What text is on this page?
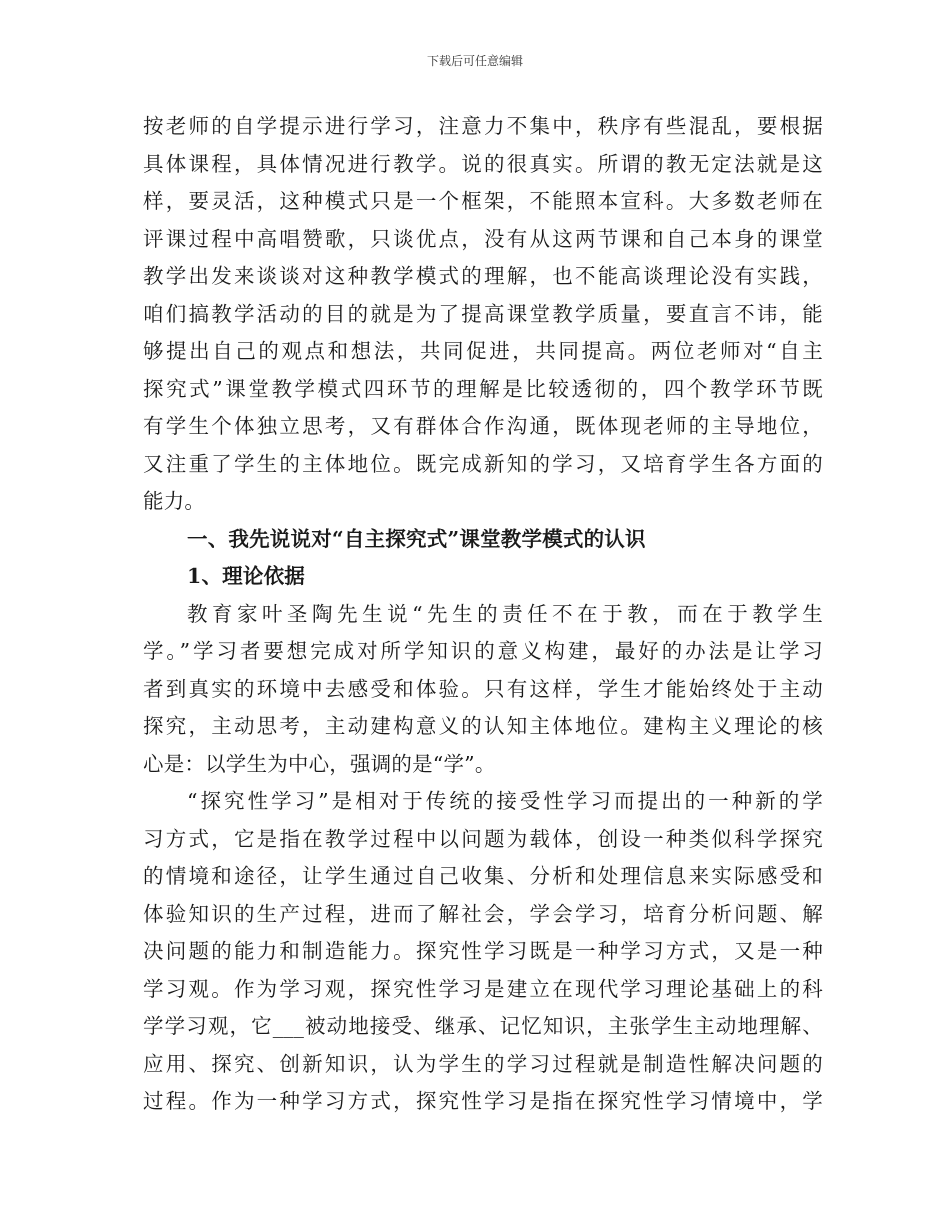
下载后可任意编辑
按老师的自学提示进行学习，注意力不集中，秩序有些混乱，要根据
具体课程，具体情况进行教学。说的很真实。所谓的教无定法就是这
样，要灵活，这种模式只是一个框架，不能照本宣科。大多数老师在
评课过程中高唱赞歌，只谈优点，没有从这两节课和自己本身的课堂
教学出发来谈谈对这种教学模式的理解，也不能高谈理论没有实践，
咱们搞教学活动的目的就是为了提高课堂教学质量，要直言不讳，能
够提出自己的观点和想法，共同促进，共同提高。两位老师对“自主
探究式”课堂教学模式四环节的理解是比较透彻的，四个教学环节既
有学生个体独立思考，又有群体合作沟通，既体现老师的主导地位，
又注重了学生的主体地位。既完成新知的学习，又培育学生各方面的
能力。
一、我先说说对“自主探究式”课堂教学模式的认识
1、理论依据
教育家叶圣陶先生说“先生的责任不在于教，而在于教学生
学。”学习者要想完成对所学知识的意义构建，最好的办法是让学习
者到真实的环境中去感受和体验。只有这样，学生才能始终处于主动
探究，主动思考，主动建构意义的认知主体地位。建构主义理论的核
心是：以学生为中心，强调的是“学”。
“探究性学习”是相对于传统的接受性学习而提出的一种新的学
习方式，它是指在教学过程中以问题为载体，创设一种类似科学探究
的情境和途径，让学生通过自己收集、分析和处理信息来实际感受和
体验知识的生产过程，进而了解社会，学会学习，培育分析问题、解
决问题的能力和制造能力。探究性学习既是一种学习方式，又是一种
学习观。作为学习观，探究性学习是建立在现代学习理论基础上的科
学学习观，它___被动地接受、继承、记忆知识，主张学生主动地理解、
应用、探究、创新知识，认为学生的学习过程就是制造性解决问题的
过程。作为一种学习方式，探究性学习是指在探究性学习情境中，学
